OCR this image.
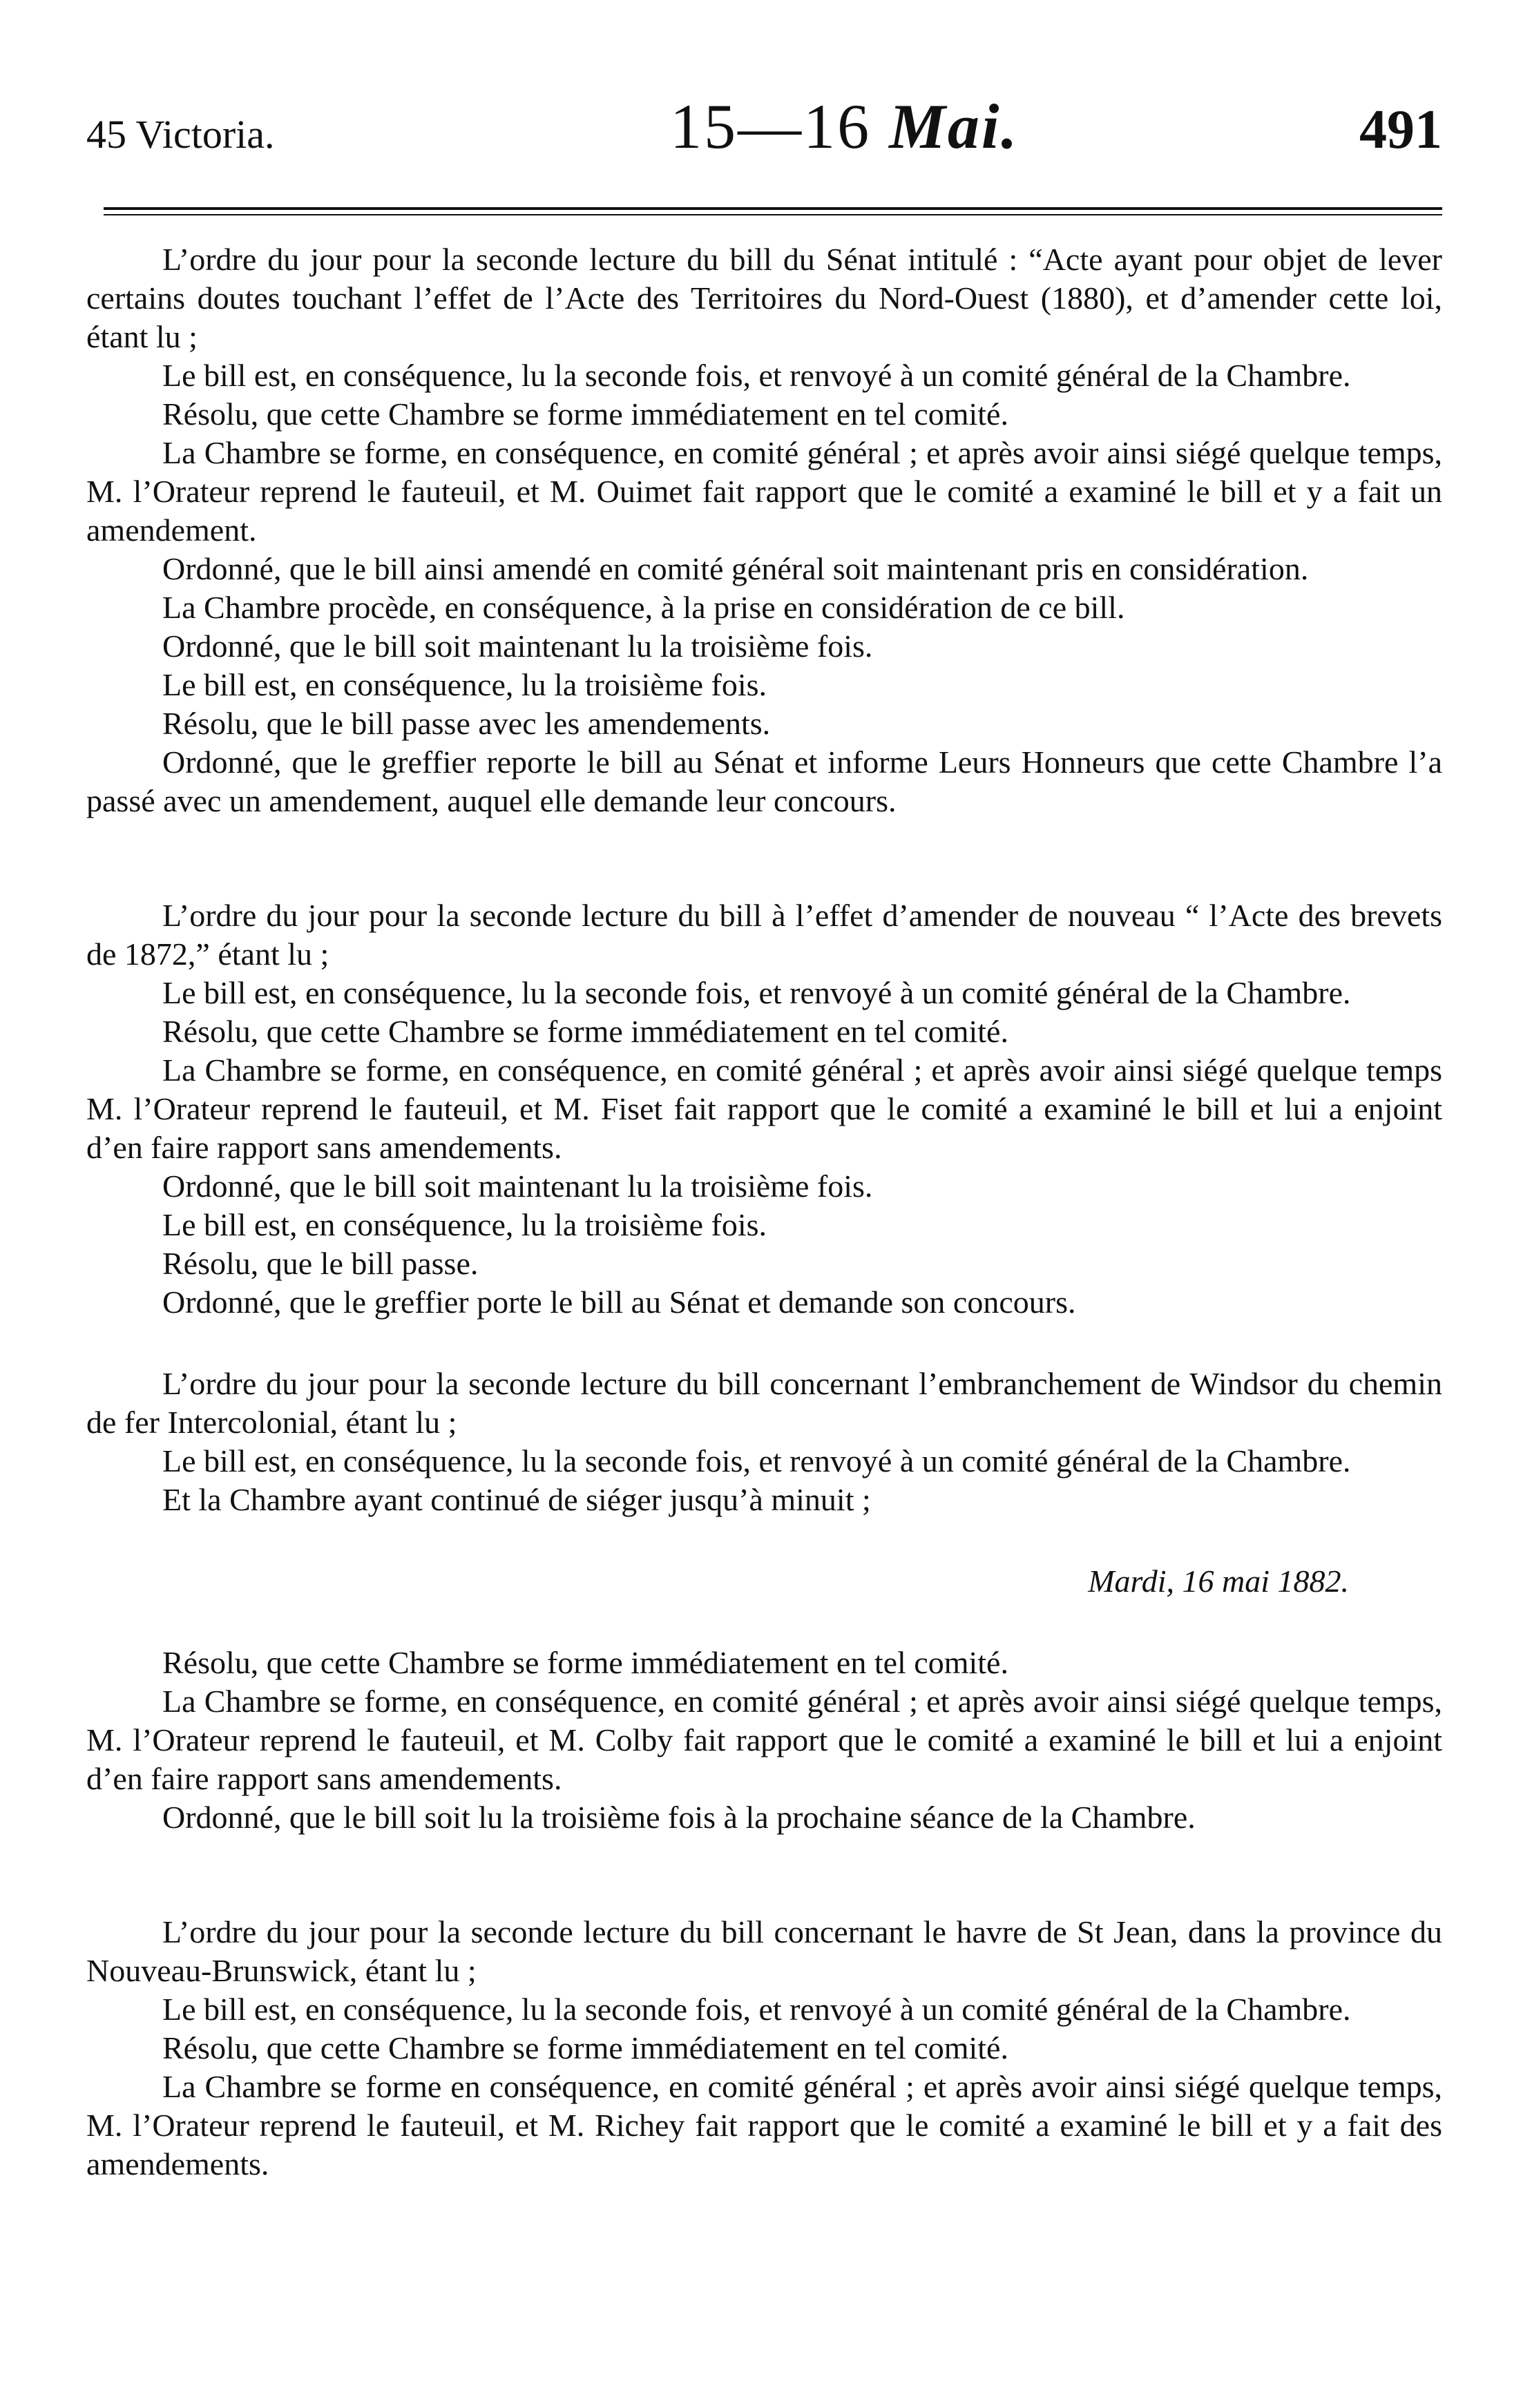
45 Victoria.	15—16 Mai.	491

L’ordre du jour pour la seconde lecture du bill du Sénat intitulé : “Acte ayant pour objet de lever certains doutes touchant l’effet de l’Acte des Territoires du Nord-Ouest (1880), et d’amender cette loi, étant lu ;

Le bill est, en conséquence, lu la seconde fois, et renvoyé à un comité général de la Chambre.

Résolu, que cette Chambre se forme immédiatement en tel comité.

La Chambre se forme, en conséquence, en comité général ; et après avoir ainsi siégé quelque temps, M. l’Orateur reprend le fauteuil, et M. Ouimet fait rapport que le comité a examiné le bill et y a fait un amendement.

Ordonné, que le bill ainsi amendé en comité général soit maintenant pris en considération.

La Chambre procède, en conséquence, à la prise en considération de ce bill.

Ordonné, que le bill soit maintenant lu la troisième fois.

Le bill est, en conséquence, lu la troisième fois.

Résolu, que le bill passe avec les amendements.

Ordonné, que le greffier reporte le bill au Sénat et informe Leurs Honneurs que cette Chambre l’a passé avec un amendement, auquel elle demande leur concours.

L’ordre du jour pour la seconde lecture du bill à l’effet d’amender de nouveau “ l’Acte des brevets de 1872,” étant lu ;

Le bill est, en conséquence, lu la seconde fois, et renvoyé à un comité général de la Chambre.

Résolu, que cette Chambre se forme immédiatement en tel comité.

La Chambre se forme, en conséquence, en comité général ; et après avoir ainsi siégé quelque temps M. l’Orateur reprend le fauteuil, et M. Fiset fait rapport que le comité a examiné le bill et lui a enjoint d’en faire rapport sans amendements.

Ordonné, que le bill soit maintenant lu la troisième fois.

Le bill est, en conséquence, lu la troisième fois.

Résolu, que le bill passe.

Ordonné, que le greffier porte le bill au Sénat et demande son concours.

L’ordre du jour pour la seconde lecture du bill concernant l’embranchement de Windsor du chemin de fer Intercolonial, étant lu ;

Le bill est, en conséquence, lu la seconde fois, et renvoyé à un comité général de la Chambre.

Et la Chambre ayant continué de siéger jusqu’à minuit ;

Mardi, 16 mai 1882.

Résolu, que cette Chambre se forme immédiatement en tel comité.

La Chambre se forme, en conséquence, en comité général ; et après avoir ainsi siégé quelque temps, M. l’Orateur reprend le fauteuil, et M. Colby fait rapport que le comité a examiné le bill et lui a enjoint d’en faire rapport sans amendements.

Ordonné, que le bill soit lu la troisième fois à la prochaine séance de la Chambre.

L’ordre du jour pour la seconde lecture du bill concernant le havre de St Jean, dans la province du Nouveau-Brunswick, étant lu ;

Le bill est, en conséquence, lu la seconde fois, et renvoyé à un comité général de la Chambre.

Résolu, que cette Chambre se forme immédiatement en tel comité.

La Chambre se forme en conséquence, en comité général ; et après avoir ainsi siégé quelque temps, M. l’Orateur reprend le fauteuil, et M. Richey fait rapport que le comité a examiné le bill et y a fait des amendements.
